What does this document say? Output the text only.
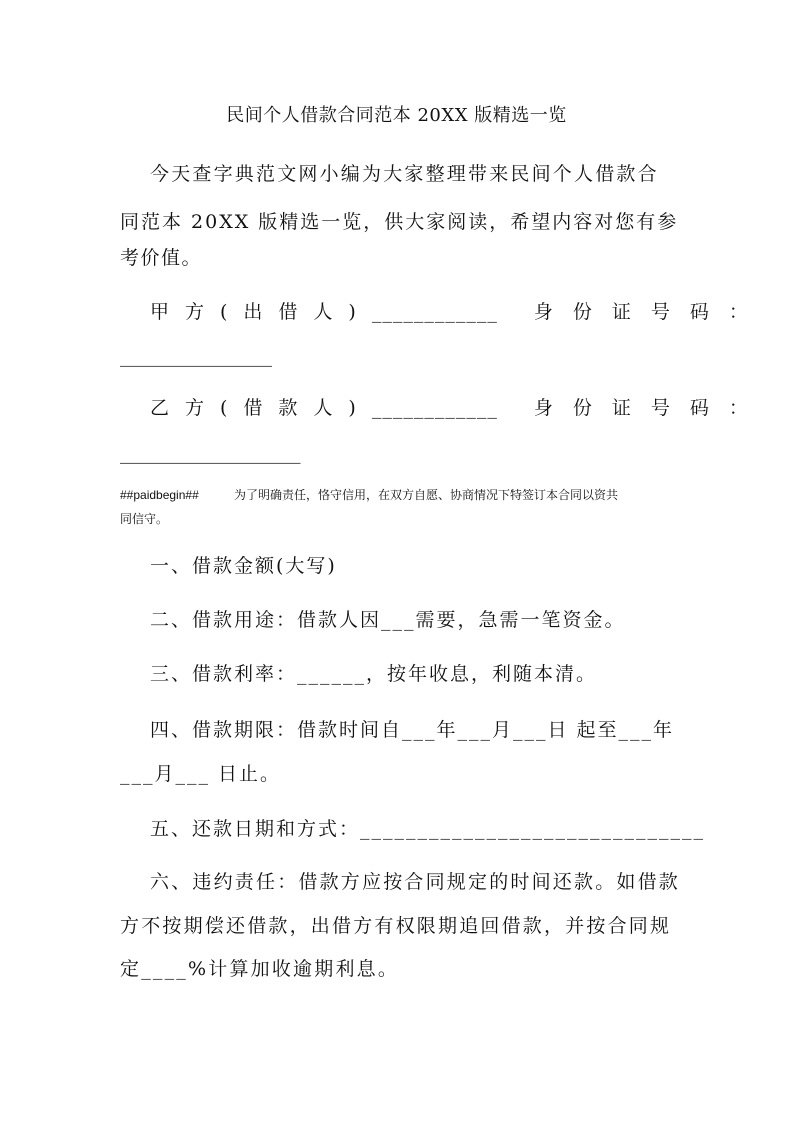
民间个人借款合同范本 20XX 版精选一览
今天查字典范文网小编为大家整理带来民间个人借款合
同范本 20XX 版精选一览，供大家阅读，希望内容对您有参
考价值。
甲方(出借人)____________ 身份证号码：
________________
乙方(借款人)____________ 身份证号码：
___________________
##paidbegin##	为了明确责任，恪守信用，在双方自愿、协商情况下特签订本合同以资共
同信守。
一、借款金额(大写)
二、借款用途：借款人因___需要，急需一笔资金。
三、借款利率：______，按年收息，利随本清。
四、借款期限：借款时间自___年___月___日 起至___年
___月___ 日止。
五、还款日期和方式：______________________________
六、违约责任：借款方应按合同规定的时间还款。如借款
方不按期偿还借款，出借方有权限期追回借款，并按合同规
定____%计算加收逾期利息。
